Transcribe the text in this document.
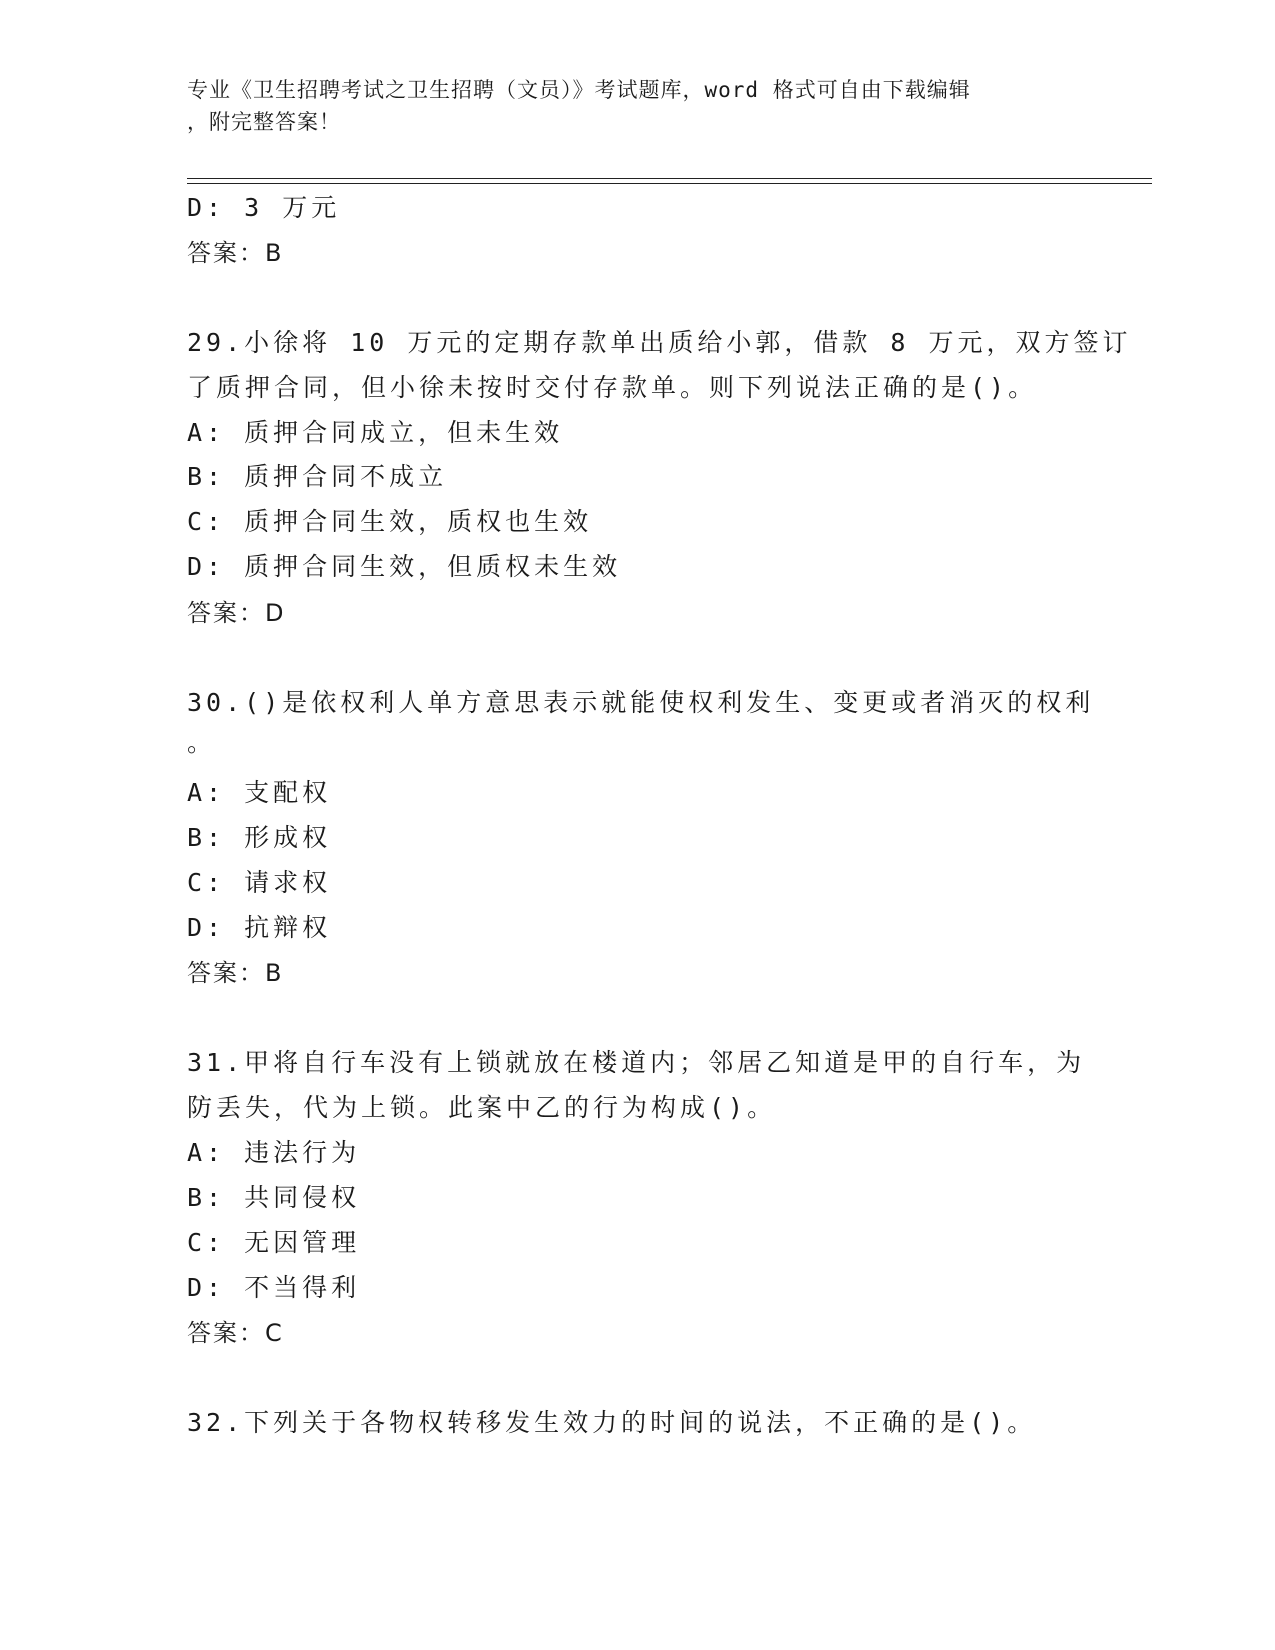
专业《卫生招聘考试之卫生招聘（文员）》考试题库，word 格式可自由下载编辑
，附完整答案！
D: 3 万元
答案：B
29.小徐将 10 万元的定期存款单出质给小郭，借款 8 万元，双方签订
了质押合同，但小徐未按时交付存款单。则下列说法正确的是()。
A: 质押合同成立，但未生效
B: 质押合同不成立
C: 质押合同生效，质权也生效
D: 质押合同生效，但质权未生效
答案：D
30.()是依权利人单方意思表示就能使权利发生、变更或者消灭的权利
。
A: 支配权
B: 形成权
C: 请求权
D: 抗辩权
答案：B
31.甲将自行车没有上锁就放在楼道内；邻居乙知道是甲的自行车，为
防丢失，代为上锁。此案中乙的行为构成()。
A: 违法行为
B: 共同侵权
C: 无因管理
D: 不当得利
答案：C
32.下列关于各物权转移发生效力的时间的说法，不正确的是()。
